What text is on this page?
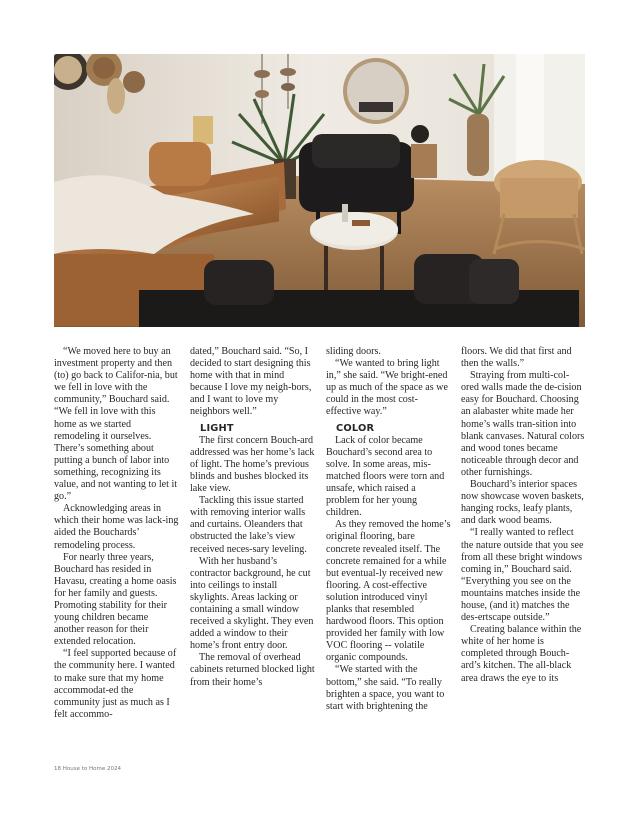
“We moved here to buy an investment property and then (to) go back to Califor-nia, but we fell in love with the community,” Bouchard said. “We fell in love with this home as we started remodeling it ourselves. There’s something about putting a bunch of labor into something, recognizing its value, and not wanting to let it go.”

Acknowledging areas in which their home was lack-ing aided the Bouchards’ remodeling process.

For nearly three years, Bouchard has resided in Havasu, creating a home oasis for her family and guests. Promoting stability for their young children became another reason for their extended relocation.

“I feel supported because of the community here. I wanted to make sure that my home accommodat-ed the community just as much as I felt accommo-

dated,” Bouchard said. “So, I decided to start designing this home with that in mind because I love my neigh-bors, and I want to love my neighbors well.”

LIGHT

The first concern Bouch-ard addressed was her home’s lack of light. The home’s previous blinds and bushes blocked its lake view.

Tackling this issue started with removing interior walls and curtains. Oleanders that obstructed the lake’s view received neces-sary leveling.

With her husband’s contractor background, he cut into ceilings to install skylights. Areas lacking or containing a small window received a skylight. They even added a window to their home’s front entry door.

The removal of overhead cabinets returned blocked light from their home’s

sliding doors.

“We wanted to bring light in,” she said. “We bright-ened up as much of the space as we could in the most cost-effective way.”

COLOR

Lack of color became Bouchard’s second area to solve. In some areas, mis-matched floors were torn and unsafe, which raised a problem for her young children.

As they removed the home’s original flooring, bare concrete revealed itself. The concrete remained for a while but eventual-ly received new flooring. A cost-effective solution introduced vinyl planks that resembled hardwood floors. This option provided her family with low VOC flooring -- volatile organic compounds.

“We started with the bottom,” she said. “To really brighten a space, you want to start with brightening the

floors. We did that first and then the walls.”

Straying from multi-col-ored walls made the de-cision easy for Bouchard. Choosing an alabaster white made her home’s walls tran-sition into blank canvases. Natural colors and wood tones became noticeable through decor and other furnishings.

Bouchard’s interior spaces now showcase woven baskets, hanging rocks, leafy plants, and dark wood beams.

“I really wanted to reflect the nature outside that you see from all these bright windows coming in,” Bouchard said. “Everything you see on the mountains matches inside the house, (and it) matches the des-ertscape outside.”

Creating balance within the white of her home is completed through Bouch-ard’s kitchen. The all-black area draws the eye to its

18 House to Home 2024
